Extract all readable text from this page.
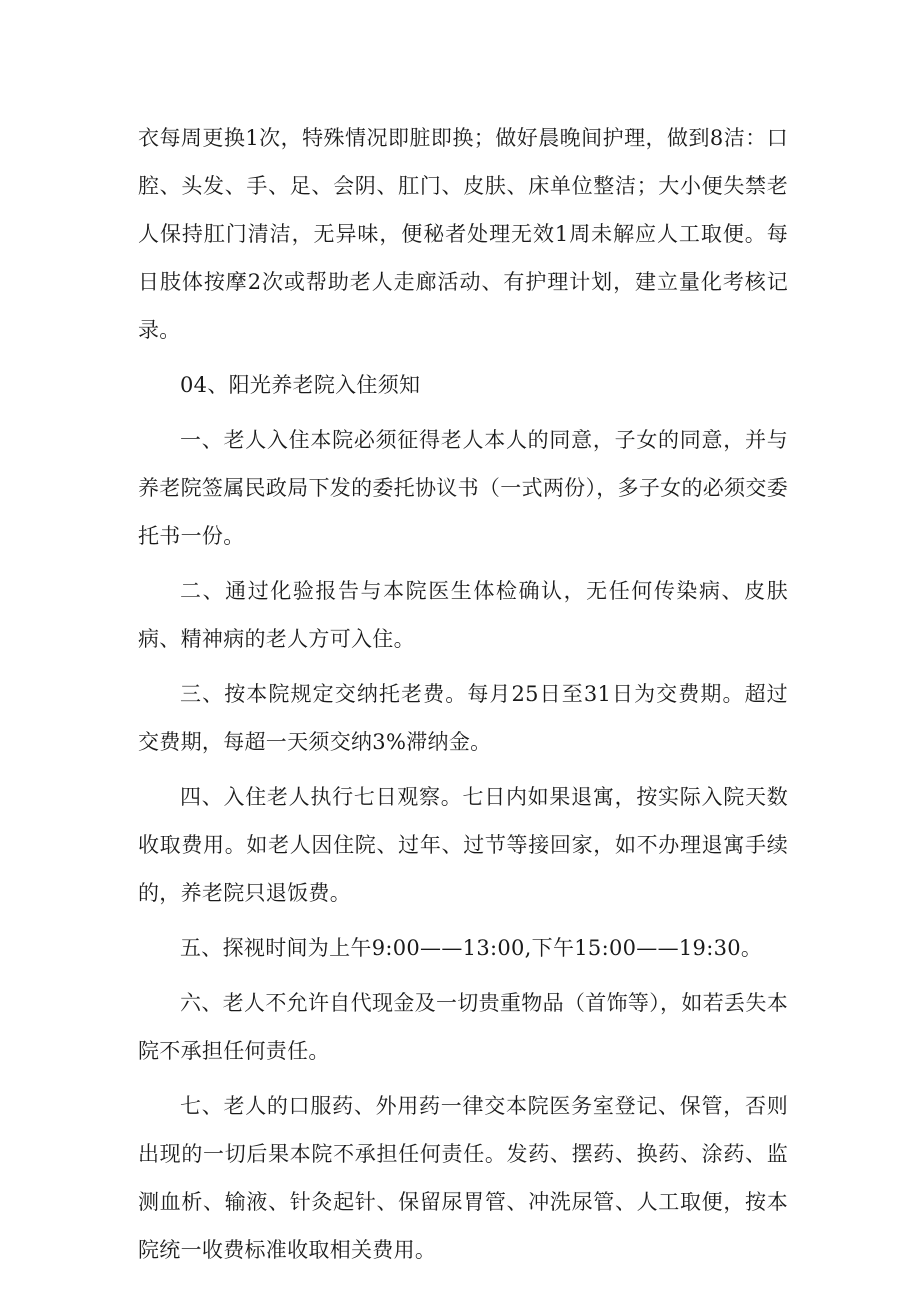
衣每周更换1次，特殊情况即脏即换；做好晨晚间护理，做到8洁：口腔、头发、手、足、会阴、肛门、皮肤、床单位整洁；大小便失禁老人保持肛门清洁，无异味，便秘者处理无效1周未解应人工取便。每日肢体按摩2次或帮助老人走廊活动、有护理计划，建立量化考核记录。

04、阳光养老院入住须知

一、老人入住本院必须征得老人本人的同意，子女的同意，并与养老院签属民政局下发的委托协议书（一式两份），多子女的必须交委托书一份。

二、通过化验报告与本院医生体检确认，无任何传染病、皮肤病、精神病的老人方可入住。

三、按本院规定交纳托老费。每月25日至31日为交费期。超过交费期，每超一天须交纳3%滞纳金。

四、入住老人执行七日观察。七日内如果退寓，按实际入院天数收取费用。如老人因住院、过年、过节等接回家，如不办理退寓手续的，养老院只退饭费。

五、探视时间为上午9:00——13:00,下午15:00——19:30。

六、老人不允许自代现金及一切贵重物品（首饰等），如若丢失本院不承担任何责任。

七、老人的口服药、外用药一律交本院医务室登记、保管，否则出现的一切后果本院不承担任何责任。发药、摆药、换药、涂药、监测血析、输液、针灸起针、保留尿胃管、冲洗尿管、人工取便，按本院统一收费标准收取相关费用。
